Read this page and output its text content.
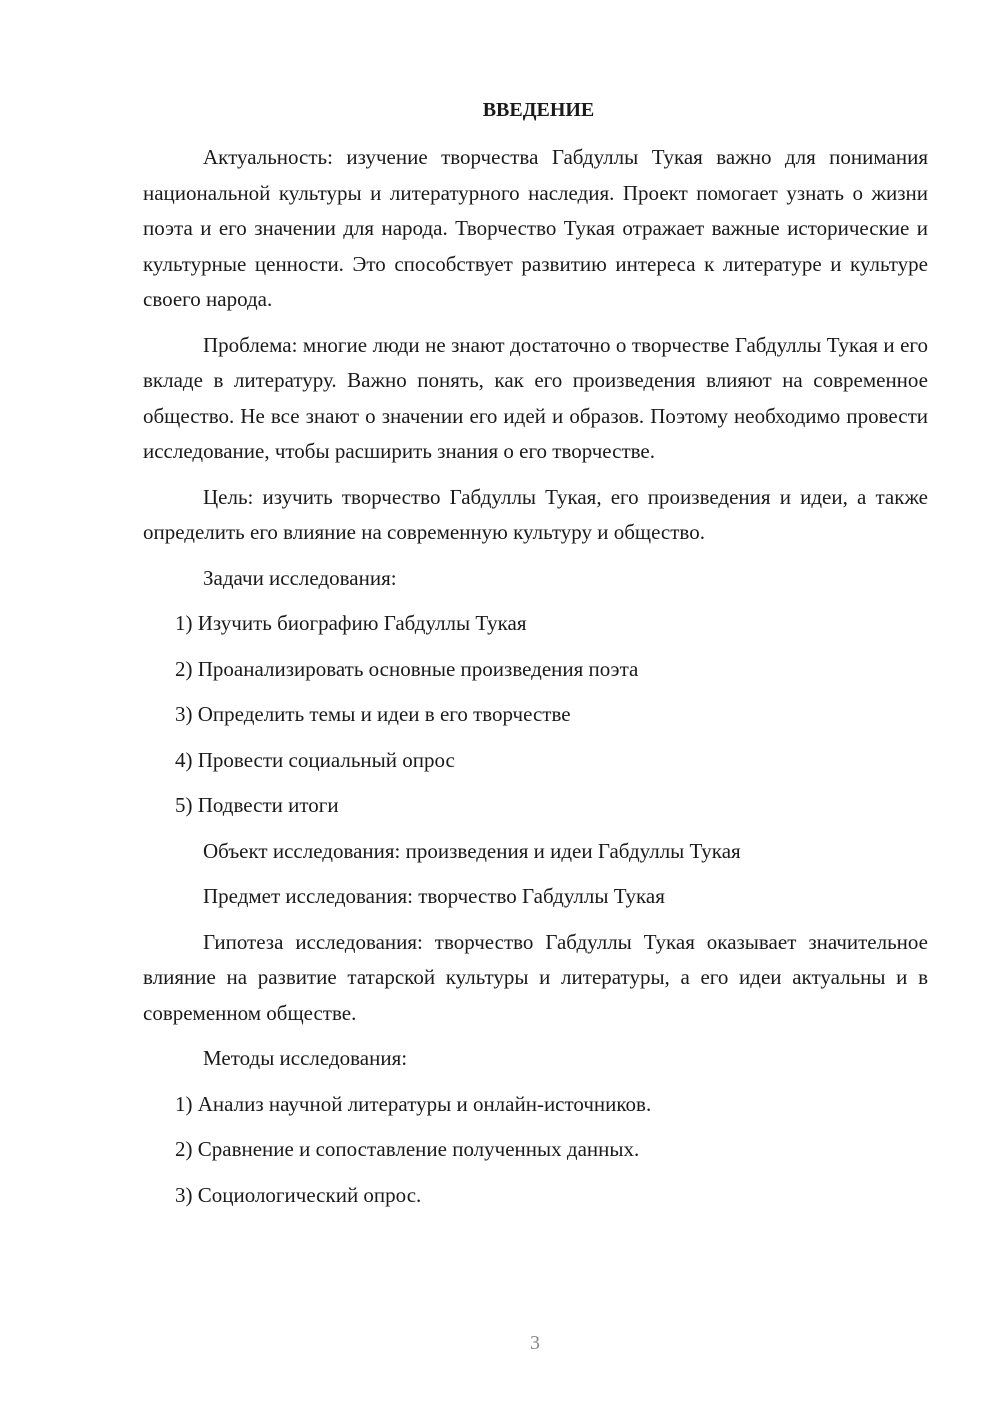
ВВЕДЕНИЕ

Актуальность: изучение творчества Габдуллы Тукая важно для понимания национальной культуры и литературного наследия. Проект помогает узнать о жизни поэта и его значении для народа. Творчество Тукая отражает важные исторические и культурные ценности. Это способствует развитию интереса к литературе и культуре своего народа.

Проблема: многие люди не знают достаточно о творчестве Габдуллы Тукая и его вкладе в литературу. Важно понять, как его произведения влияют на современное общество. Не все знают о значении его идей и образов. Поэтому необходимо провести исследование, чтобы расширить знания о его творчестве.

Цель: изучить творчество Габдуллы Тукая, его произведения и идеи, а также определить его влияние на современную культуру и общество.

Задачи исследования:
1) Изучить биографию Габдуллы Тукая
2) Проанализировать основные произведения поэта
3) Определить темы и идеи в его творчестве
4) Провести социальный опрос
5) Подвести итоги
Объект исследования: произведения и идеи Габдуллы Тукая
Предмет исследования: творчество Габдуллы Тукая

Гипотеза исследования: творчество Габдуллы Тукая оказывает значительное влияние на развитие татарской культуры и литературы, а его идеи актуальны и в современном обществе.

Методы исследования:
1) Анализ научной литературы и онлайн-источников.
2) Сравнение и сопоставление полученных данных.
3) Социологический опрос.
3
